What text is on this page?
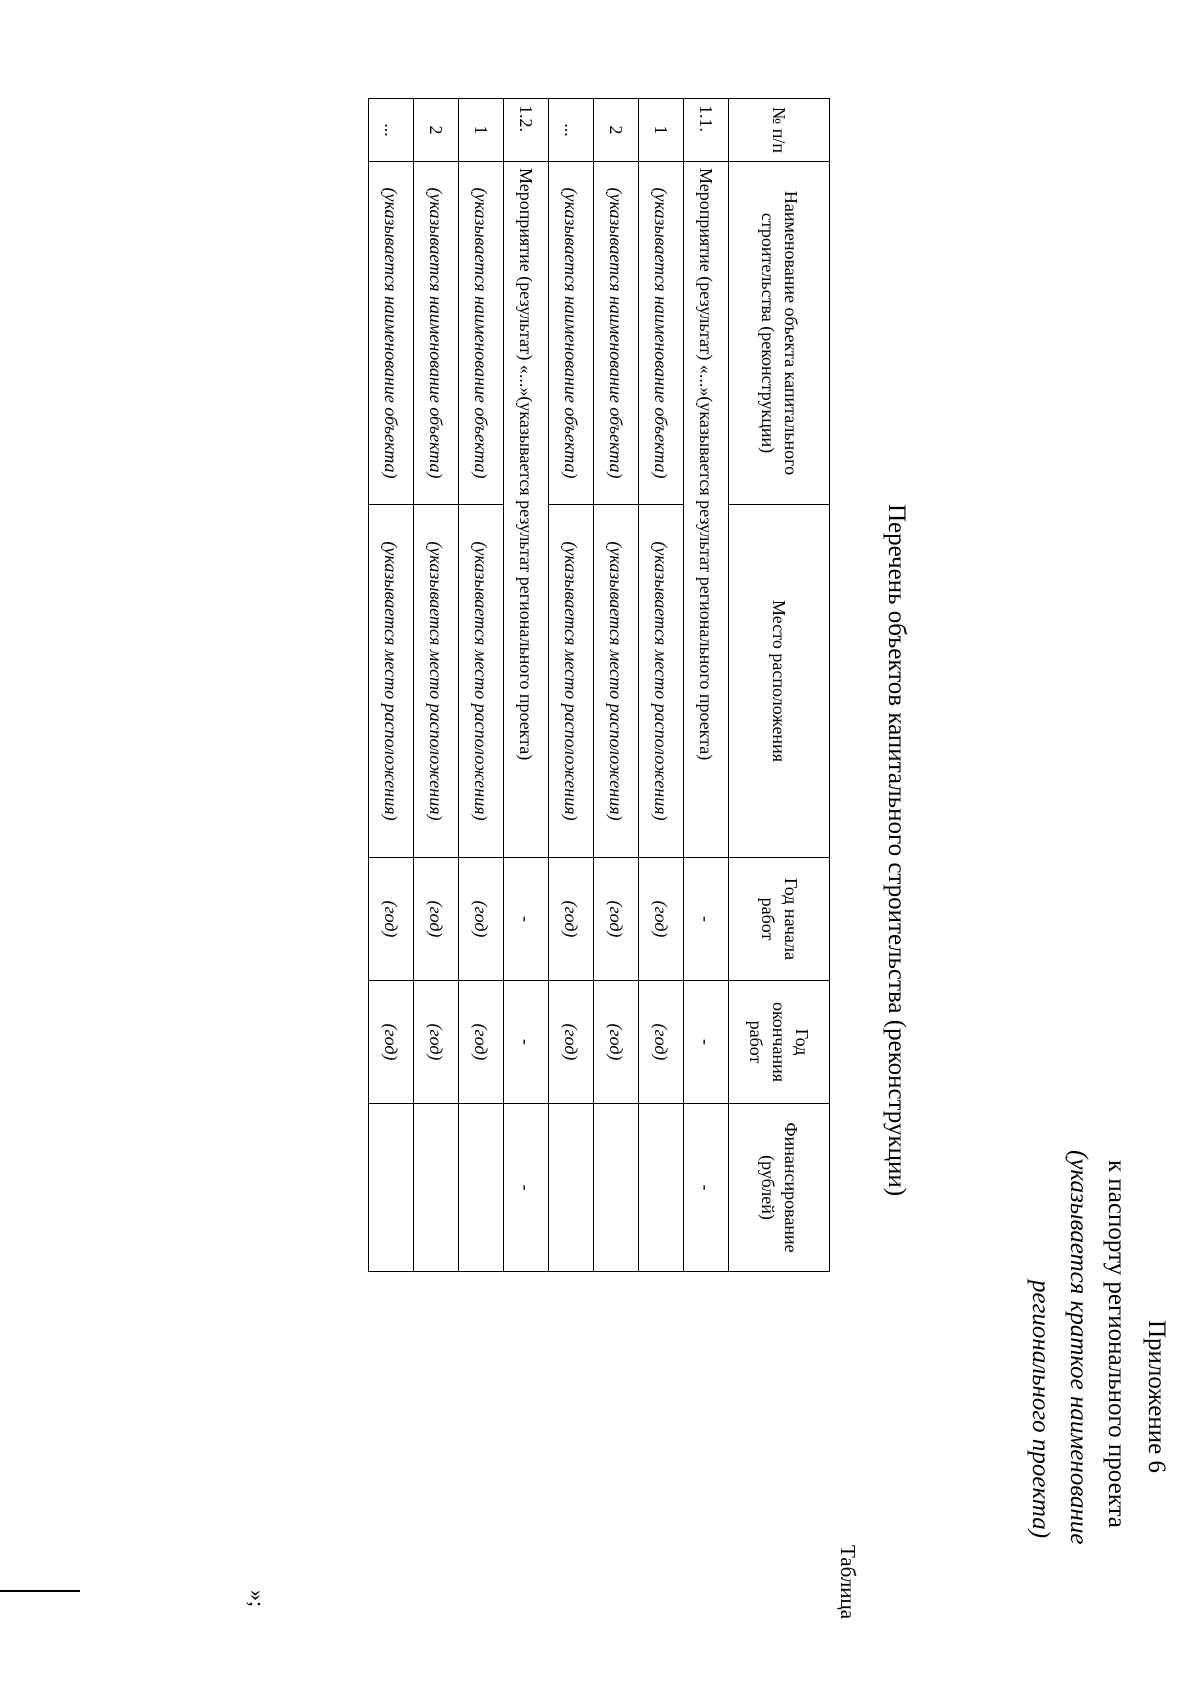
Приложение 6
к паспорту регионального проекта
(указывается краткое наименование
регионального проекта)
Перечень объектов капитального строительства (реконструкции)
Таблица
№ п/п	Наименование объекта капитального строительства (реконструкции)	Место расположения	Год начала работ	Год окончания работ	Финансирование (рублей)
1.1.	Мероприятие (результат) «...»(указывается результат регионального проекта)		-	-	-
1	(указывается наименование объекта)	(указывается место расположения)	(год)	(год)	
2	(указывается наименование объекта)	(указывается место расположения)	(год)	(год)	
...	(указывается наименование объекта)	(указывается место расположения)	(год)	(год)	
1.2.	Мероприятие (результат) «...»(указывается результат регионального проекта)		-	-	-
1	(указывается наименование объекта)	(указывается место расположения)	(год)	(год)	
2	(указывается наименование объекта)	(указывается место расположения)	(год)	(год)	
...	(указывается наименование объекта)	(указывается место расположения)	(год)	(год)	
»;
